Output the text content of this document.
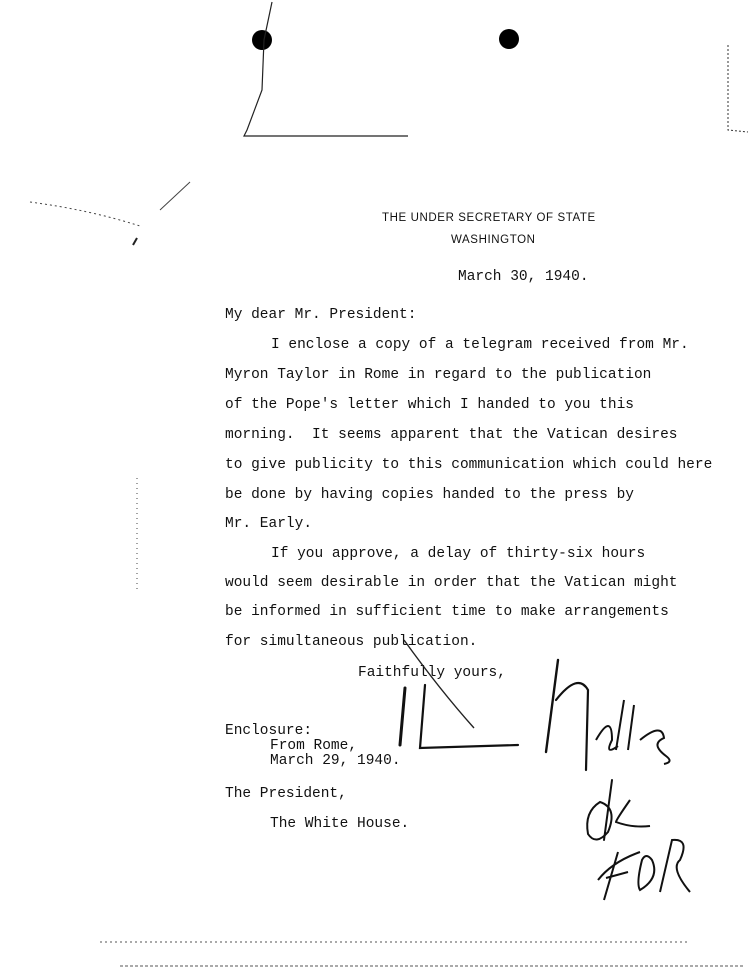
THE UNDER SECRETARY OF STATE
WASHINGTON
March 30, 1940.
My dear Mr. President:
I enclose a copy of a telegram received from Mr.
Myron Taylor in Rome in regard to the publication
of the Pope's letter which I handed to you this
morning.  It seems apparent that the Vatican desires
to give publicity to this communication which could here
be done by having copies handed to the press by
Mr. Early.
If you approve, a delay of thirty-six hours
would seem desirable in order that the Vatican might
be informed in sufficient time to make arrangements
for simultaneous publication.
Faithfully yours,
Enclosure:
From Rome,
March 29, 1940.
The President,
The White House.
